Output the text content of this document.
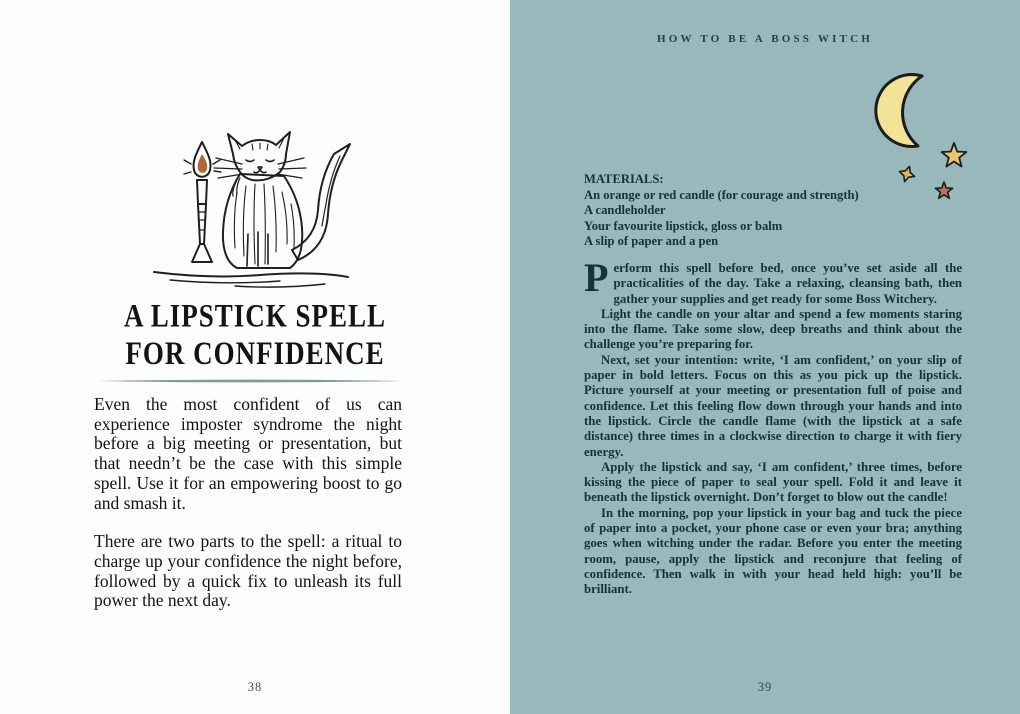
A LIPSTICK SPELL
FOR CONFIDENCE

Even the most confident of us can experience imposter syndrome the night before a big meeting or presentation, but that needn’t be the case with this simple spell. Use it for an empowering boost to go and smash it.

There are two parts to the spell: a ritual to charge up your confidence the night before, followed by a quick fix to unleash its full power the next day.

38
HOW TO BE A BOSS WITCH
MATERIALS:
An orange or red candle (for courage and strength)
A candleholder
Your favourite lipstick, gloss or balm
A slip of paper and a pen

Perform this spell before bed, once you’ve set aside all the practicalities of the day. Take a relaxing, cleansing bath, then gather your supplies and get ready for some Boss Witchery.

Light the candle on your altar and spend a few moments staring into the flame. Take some slow, deep breaths and think about the challenge you’re preparing for.

Next, set your intention: write, ‘I am confident,’ on your slip of paper in bold letters. Focus on this as you pick up the lipstick. Picture yourself at your meeting or presentation full of poise and confidence. Let this feeling flow down through your hands and into the lipstick. Circle the candle flame (with the lipstick at a safe distance) three times in a clockwise direction to charge it with fiery energy.

Apply the lipstick and say, ‘I am confident,’ three times, before kissing the piece of paper to seal your spell. Fold it and leave it beneath the lipstick overnight. Don’t forget to blow out the candle!

In the morning, pop your lipstick in your bag and tuck the piece of paper into a pocket, your phone case or even your bra; anything goes when witching under the radar. Before you enter the meeting room, pause, apply the lipstick and reconjure that feeling of confidence. Then walk in with your head held high: you’ll be brilliant.

39
